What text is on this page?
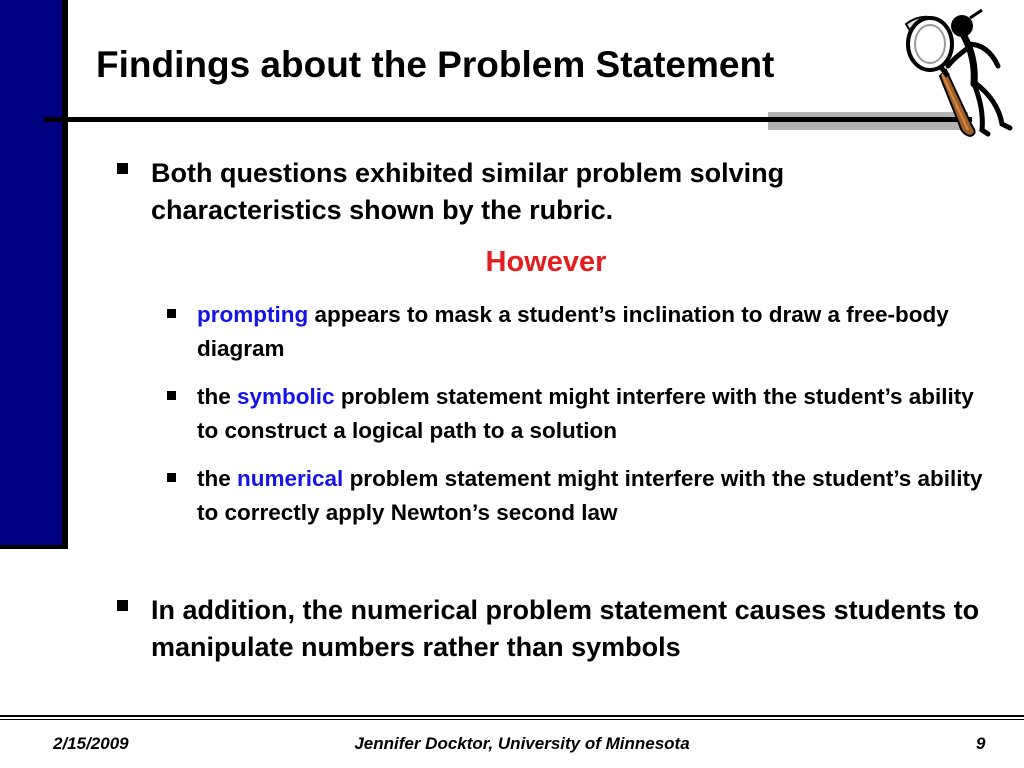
Findings about the Problem Statement
Both questions exhibited similar problem solving characteristics shown by the rubric.
However
prompting appears to mask a student’s inclination to draw a free-body diagram
the symbolic problem statement might interfere with the student’s ability to construct a logical path to a solution
the numerical problem statement might interfere with the student’s ability to correctly apply Newton’s second law
In addition, the numerical problem statement causes students to manipulate numbers rather than symbols
2/15/2009	Jennifer Docktor, University of Minnesota	9
